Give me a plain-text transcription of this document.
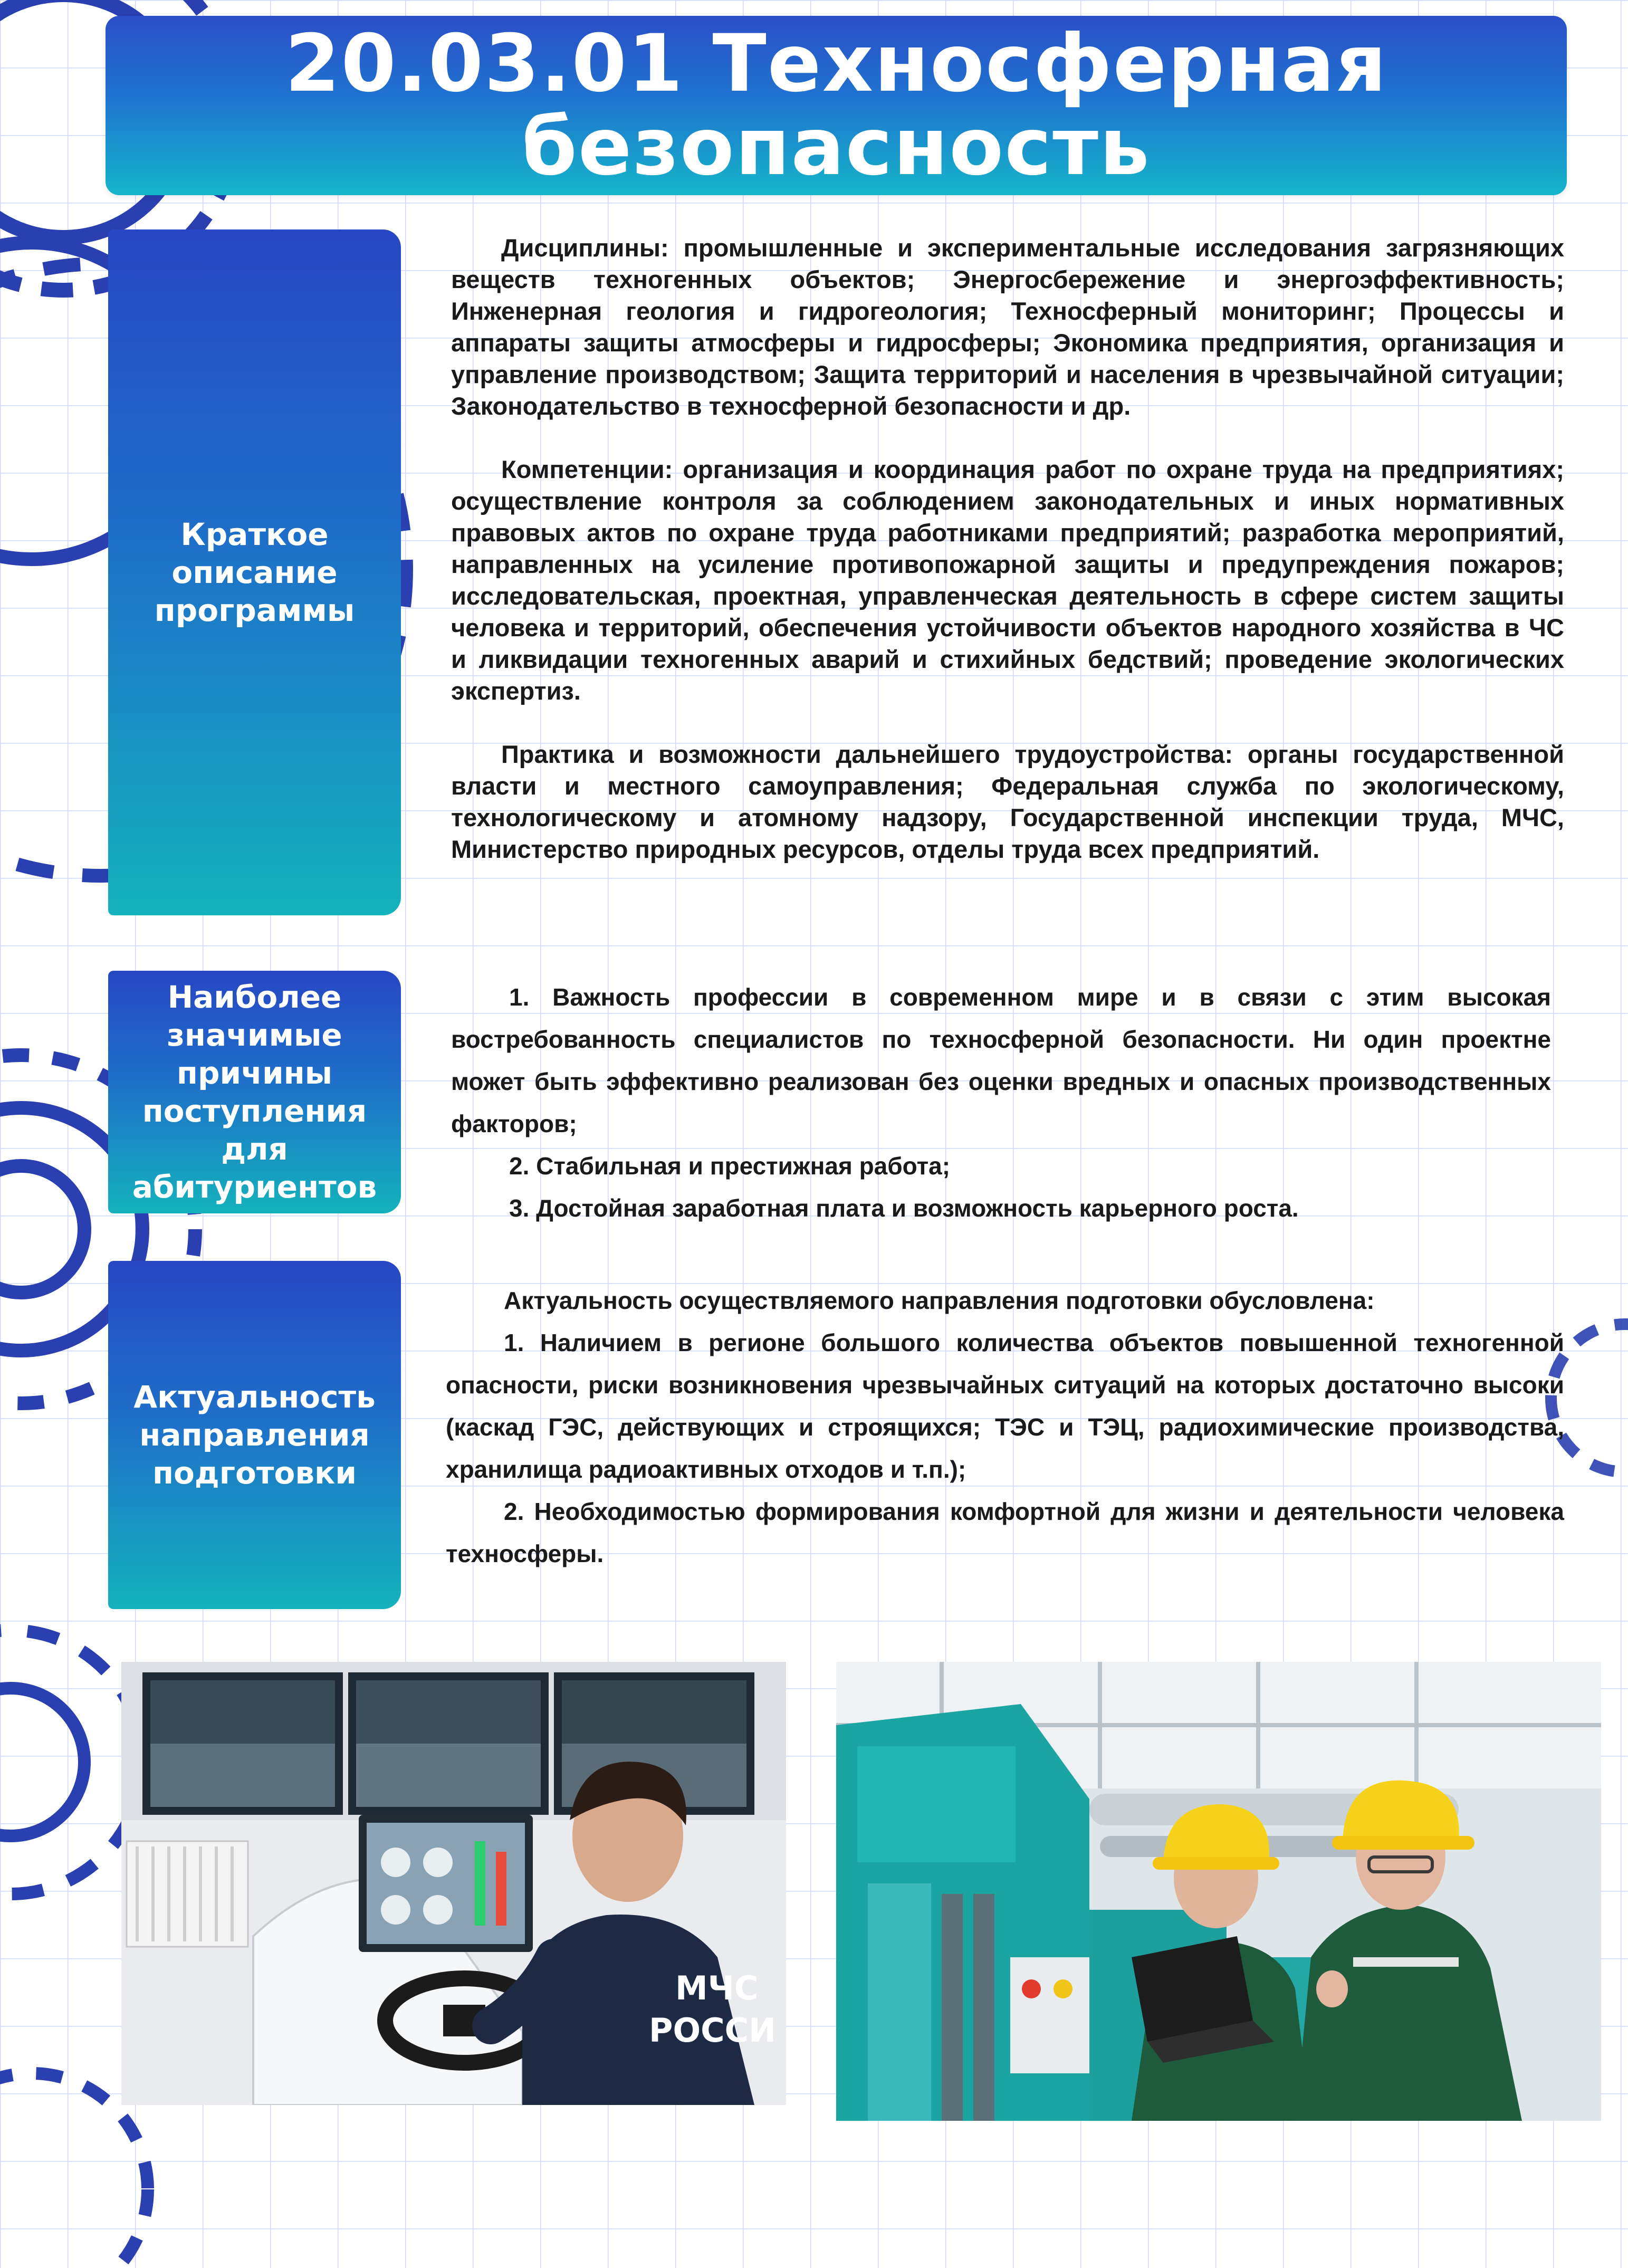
20.03.01 Техносферная
безопасность
Краткое
описание
программы
Наиболее
значимые
причины
поступления
для
абитуриентов
Актуальность
направления
подготовки

Дисциплины: промышленные и экспериментальные исследования загрязняющих веществ техногенных объектов; Энергосбережение и энергоэффективность; Инженерная геология и гидрогеология; Техносферный мониторинг; Процессы и аппараты защиты атмосферы и гидросферы; Экономика предприятия, организация и управление производством; Защита территорий и населения в чрезвычайной ситуации; Законодательство в техносферной безопасности и др.

Компетенции: организация и координация работ по охране труда на предприятиях; осуществление контроля за соблюдением законодательных и иных нормативных правовых актов по охране труда работниками предприятий; разработка мероприятий, направленных на усиление противопожарной защиты и предупреждения пожаров; исследовательская, проектная, управленческая деятельность в сфере систем защиты человека и территорий, обеспечения устойчивости объектов народного хозяйства в ЧС и ликвидации техногенных аварий и стихийных бедствий; проведение экологических экспертиз.

Практика и возможности дальнейшего трудоустройства: органы государственной власти и местного самоуправления; Федеральная служба по экологическому, технологическому и атомному надзору, Государственной инспекции труда, МЧС, Министерство природных ресурсов, отделы труда всех предприятий.

1. Важность профессии в современном мире и в связи с этим высокая востребованность специалистов по техносферной безопасности. Ни один проектне может быть эффективно реализован без оценки вредных и опасных производственных факторов;

2. Стабильная и престижная работа;

3. Достойная заработная плата и возможность карьерного роста.

Актуальность осуществляемого направления подготовки обусловлена:

1. Наличием в регионе большого количества объектов повышенной техногенной опасности, риски возникновения чрезвычайных ситуаций на которых достаточно высоки (каскад ГЭС, действующих и строящихся; ТЭС и ТЭЦ, радиохимические производства, хранилища радиоактивных отходов и т.п.);

2. Необходимостью формирования комфортной для жизни и деятельности человека техносферы.

МЧС
РОССИ
